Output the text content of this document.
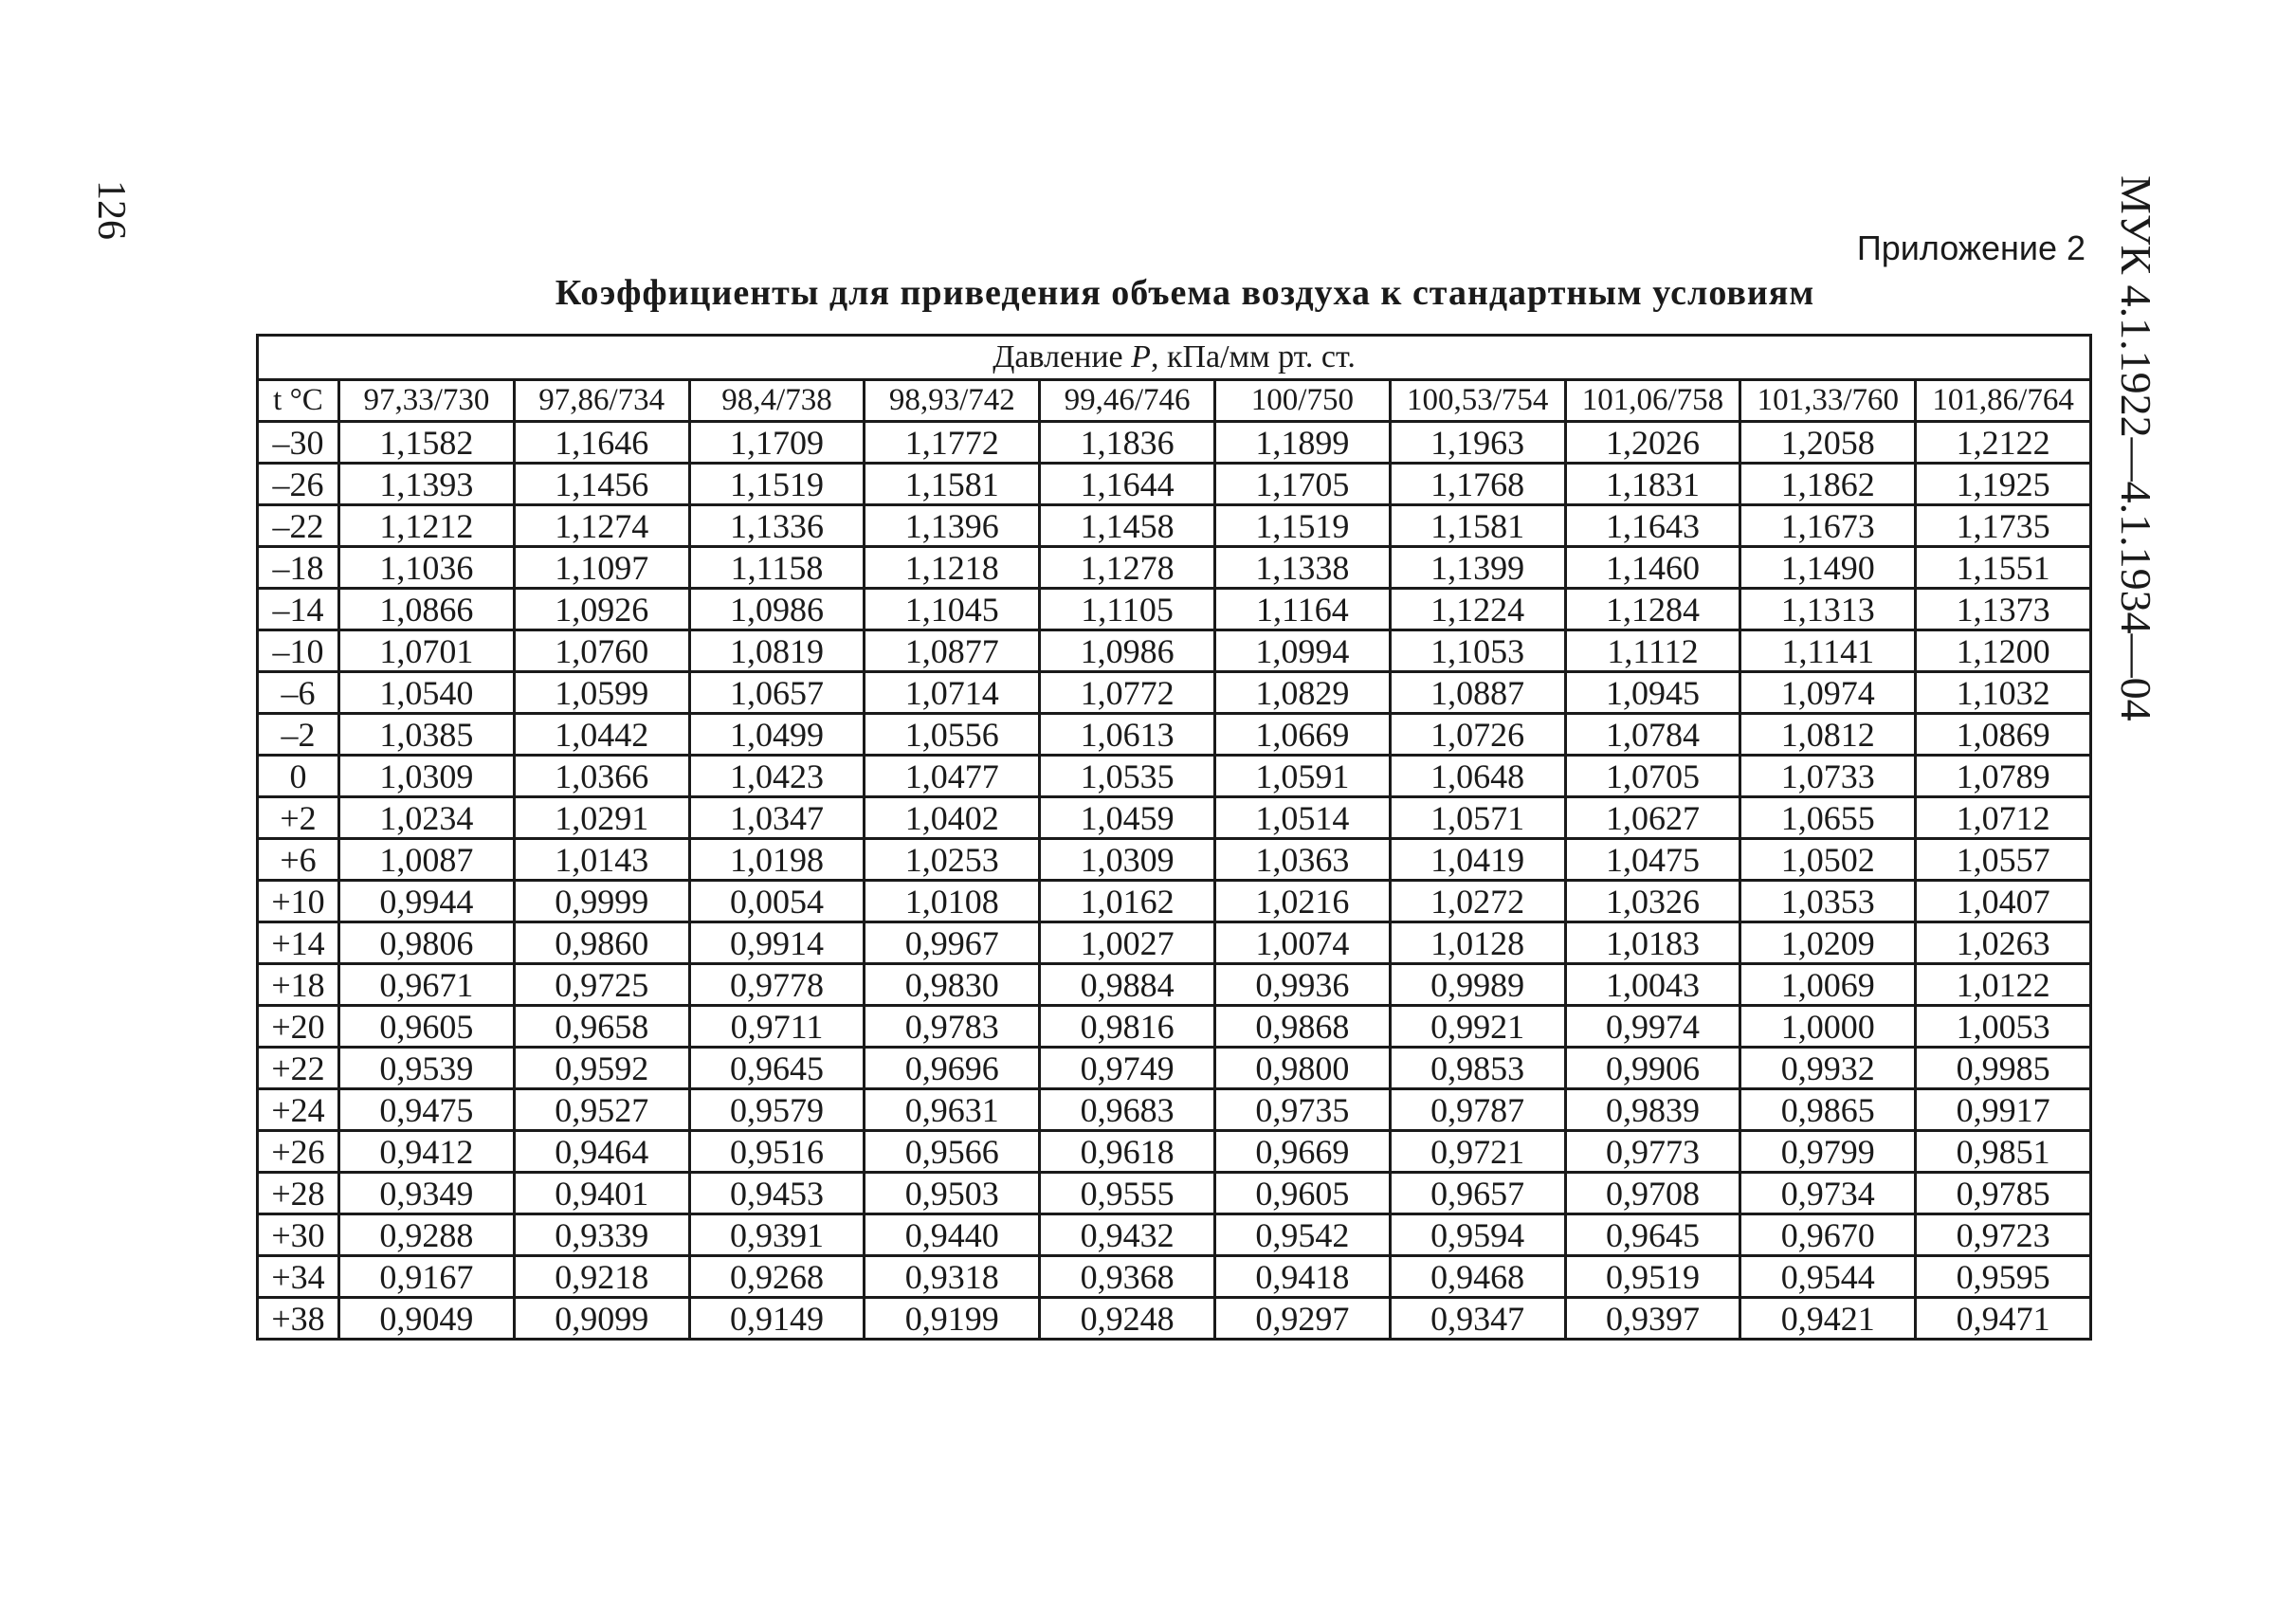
126	МУК 4.1.1922—4.1.1934—04
Приложение 2
Коэффициенты для приведения объема воздуха к стандартным условиям
Давление P, кПа/мм рт. ст.										
t °C	97,33/730	97,86/734	98,4/738	98,93/742	99,46/746	100/750	100,53/754	101,06/758	101,33/760	101,86/764
–30	1,1582	1,1646	1,1709	1,1772	1,1836	1,1899	1,1963	1,2026	1,2058	1,2122
–26	1,1393	1,1456	1,1519	1,1581	1,1644	1,1705	1,1768	1,1831	1,1862	1,1925
–22	1,1212	1,1274	1,1336	1,1396	1,1458	1,1519	1,1581	1,1643	1,1673	1,1735
–18	1,1036	1,1097	1,1158	1,1218	1,1278	1,1338	1,1399	1,1460	1,1490	1,1551
–14	1,0866	1,0926	1,0986	1,1045	1,1105	1,1164	1,1224	1,1284	1,1313	1,1373
–10	1,0701	1,0760	1,0819	1,0877	1,0986	1,0994	1,1053	1,1112	1,1141	1,1200
–6	1,0540	1,0599	1,0657	1,0714	1,0772	1,0829	1,0887	1,0945	1,0974	1,1032
–2	1,0385	1,0442	1,0499	1,0556	1,0613	1,0669	1,0726	1,0784	1,0812	1,0869
0	1,0309	1,0366	1,0423	1,0477	1,0535	1,0591	1,0648	1,0705	1,0733	1,0789
+2	1,0234	1,0291	1,0347	1,0402	1,0459	1,0514	1,0571	1,0627	1,0655	1,0712
+6	1,0087	1,0143	1,0198	1,0253	1,0309	1,0363	1,0419	1,0475	1,0502	1,0557
+10	0,9944	0,9999	0,0054	1,0108	1,0162	1,0216	1,0272	1,0326	1,0353	1,0407
+14	0,9806	0,9860	0,9914	0,9967	1,0027	1,0074	1,0128	1,0183	1,0209	1,0263
+18	0,9671	0,9725	0,9778	0,9830	0,9884	0,9936	0,9989	1,0043	1,0069	1,0122
+20	0,9605	0,9658	0,9711	0,9783	0,9816	0,9868	0,9921	0,9974	1,0000	1,0053
+22	0,9539	0,9592	0,9645	0,9696	0,9749	0,9800	0,9853	0,9906	0,9932	0,9985
+24	0,9475	0,9527	0,9579	0,9631	0,9683	0,9735	0,9787	0,9839	0,9865	0,9917
+26	0,9412	0,9464	0,9516	0,9566	0,9618	0,9669	0,9721	0,9773	0,9799	0,9851
+28	0,9349	0,9401	0,9453	0,9503	0,9555	0,9605	0,9657	0,9708	0,9734	0,9785
+30	0,9288	0,9339	0,9391	0,9440	0,9432	0,9542	0,9594	0,9645	0,9670	0,9723
+34	0,9167	0,9218	0,9268	0,9318	0,9368	0,9418	0,9468	0,9519	0,9544	0,9595
+38	0,9049	0,9099	0,9149	0,9199	0,9248	0,9297	0,9347	0,9397	0,9421	0,9471
